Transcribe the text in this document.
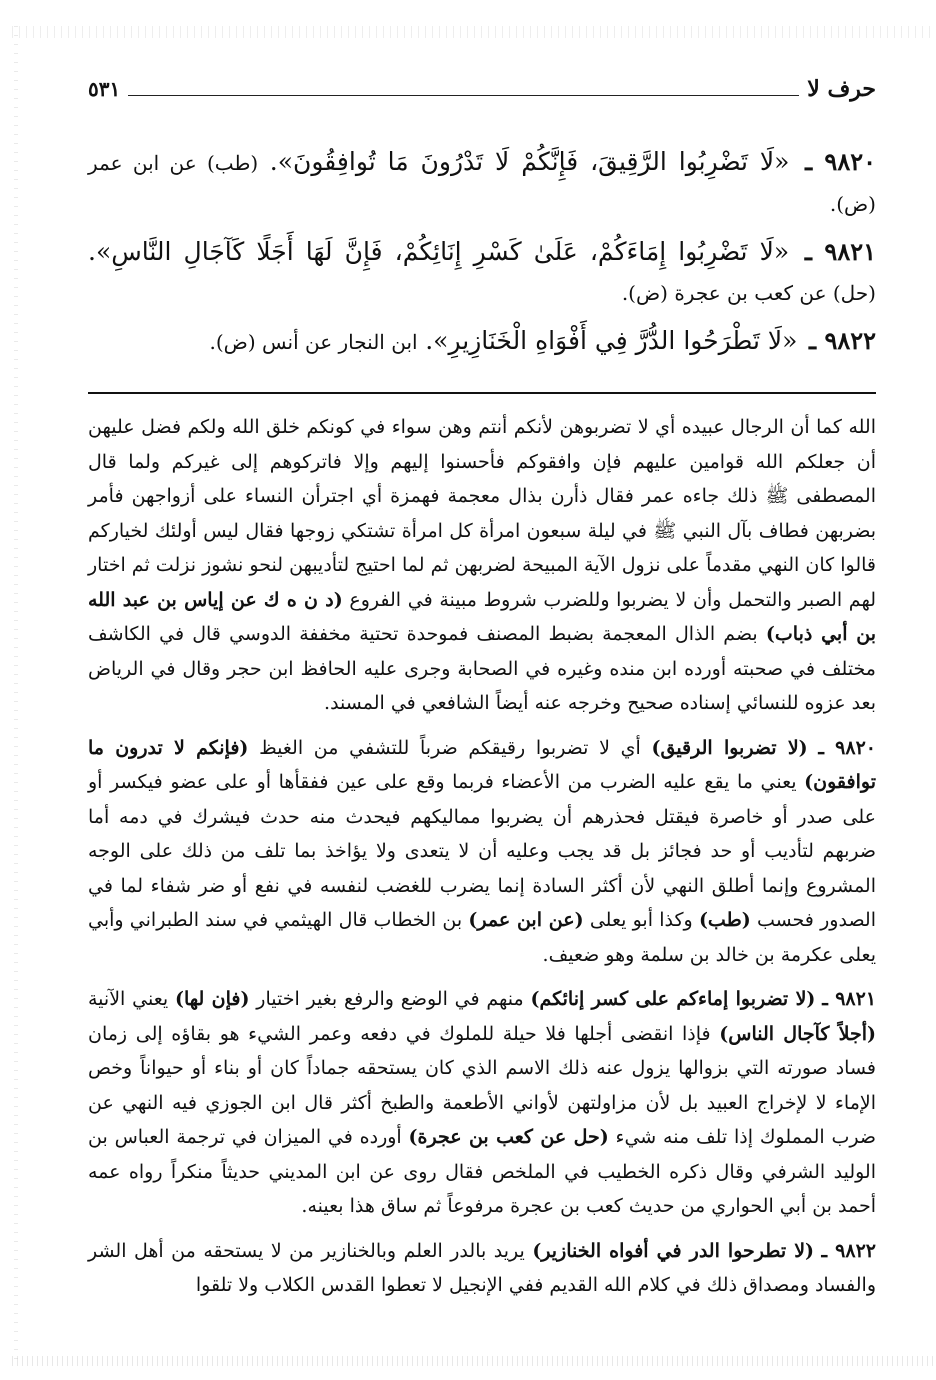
حرف لا
٥٣١

٩٨٢٠ ـ «لَا تَضْرِبُوا الرَّقِيقَ، فَإِنَّكُمْ لَا تَدْرُونَ مَا تُوافِقُونَ». (طب) عن ابن عمر (ض).

٩٨٢١ ـ «لَا تَضْرِبُوا إِمَاءَكُمْ، عَلَىٰ كَسْرِ إِنَائِكُمْ، فَإِنَّ لَهَا أَجَلًا كَآجَالِ النَّاسِ». (حل) عن كعب بن عجرة (ض).

٩٨٢٢ ـ «لَا تَطْرَحُوا الدُّرَّ فِي أَفْوَاهِ الْخَنَازِيرِ». ابن النجار عن أنس (ض).

الله كما أن الرجال عبيده أي لا تضربوهن لأنكم أنتم وهن سواء في كونكم خلق الله ولكم فضل عليهن أن جعلكم الله قوامين عليهم فإن وافقوكم فأحسنوا إليهم وإلا فاتركوهم إلى غيركم ولما قال المصطفى ﷺ ذلك جاءه عمر فقال ذأرن بذال معجمة فهمزة أي اجترأن النساء على أزواجهن فأمر بضربهن فطاف بآل النبي ﷺ في ليلة سبعون امرأة كل امرأة تشتكي زوجها فقال ليس أولئك لخياركم قالوا كان النهي مقدماً على نزول الآية المبيحة لضربهن ثم لما احتيج لتأديبهن لنحو نشوز نزلت ثم اختار لهم الصبر والتحمل وأن لا يضربوا وللضرب شروط مبينة في الفروع (د ن ه ك عن إياس بن عبد الله بن أبي ذباب) بضم الذال المعجمة بضبط المصنف فموحدة تحتية مخففة الدوسي قال في الكاشف مختلف في صحبته أورده ابن منده وغيره في الصحابة وجرى عليه الحافظ ابن حجر وقال في الرياض بعد عزوه للنسائي إسناده صحيح وخرجه عنه أيضاً الشافعي في المسند.

٩٨٢٠ ـ (لا تضربوا الرقيق) أي لا تضربوا رقيقكم ضرباً للتشفي من الغيظ (فإنكم لا تدرون ما توافقون) يعني ما يقع عليه الضرب من الأعضاء فربما وقع على عين ففقأها أو على عضو فيكسر أو على صدر أو خاصرة فيقتل فحذرهم أن يضربوا مماليكهم فيحدث منه حدث فيشرك في دمه أما ضربهم لتأديب أو حد فجائز بل قد يجب وعليه أن لا يتعدى ولا يؤاخذ بما تلف من ذلك على الوجه المشروع وإنما أطلق النهي لأن أكثر السادة إنما يضرب للغضب لنفسه في نفع أو ضر شفاء لما في الصدور فحسب (طب) وكذا أبو يعلى (عن ابن عمر) بن الخطاب قال الهيثمي في سند الطبراني وأبي يعلى عكرمة بن خالد بن سلمة وهو ضعيف.

٩٨٢١ ـ (لا تضربوا إماءكم على كسر إنائكم) منهم في الوضع والرفع بغير اختيار (فإن لها) يعني الآنية (أجلاً كآجال الناس) فإذا انقضى أجلها فلا حيلة للملوك في دفعه وعمر الشيء هو بقاؤه إلى زمان فساد صورته التي بزوالها يزول عنه ذلك الاسم الذي كان يستحقه جماداً كان أو بناء أو حيواناً وخص الإماء لا لإخراج العبيد بل لأن مزاولتهن لأواني الأطعمة والطبخ أكثر قال ابن الجوزي فيه النهي عن ضرب المملوك إذا تلف منه شيء (حل عن كعب بن عجرة) أورده في الميزان في ترجمة العباس بن الوليد الشرفي وقال ذكره الخطيب في الملخص فقال روى عن ابن المديني حديثاً منكراً رواه عمه أحمد بن أبي الحواري من حديث كعب بن عجرة مرفوعاً ثم ساق هذا بعينه.

٩٨٢٢ ـ (لا تطرحوا الدر في أفواه الخنازير) يريد بالدر العلم وبالخنازير من لا يستحقه من أهل الشر والفساد ومصداق ذلك في كلام الله القديم ففي الإنجيل لا تعطوا القدس الكلاب ولا تلقوا
